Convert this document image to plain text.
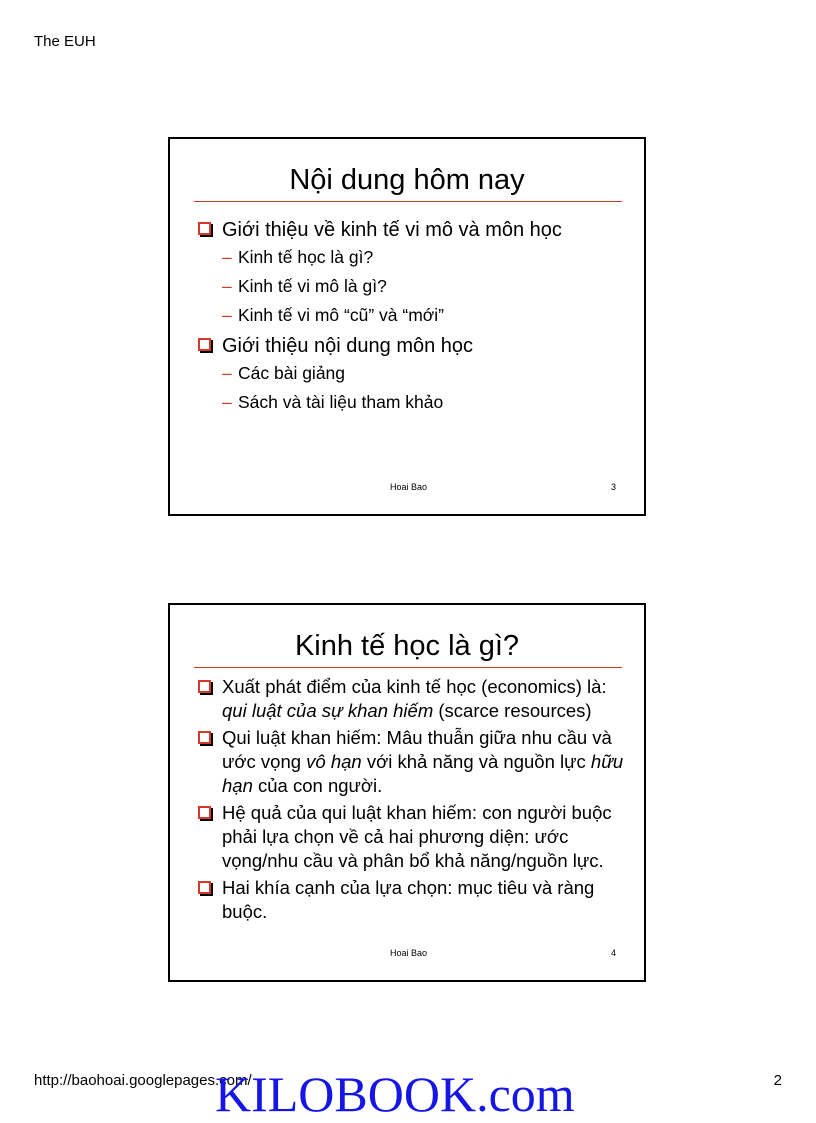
The EUH
Nội dung hôm nay
Giới thiệu về kinh tế vi mô và môn học
– Kinh tế học là gì?
– Kinh tế vi mô là gì?
– Kinh tế vi mô “cũ” và “mới”
Giới thiệu nội dung môn học
– Các bài giảng
– Sách và tài liệu tham khảo
Hoai Bao	3
Kinh tế học là gì?
Xuất phát điểm của kinh tế học (economics) là: qui luật của sự khan hiếm (scarce resources)
Qui luật khan hiếm: Mâu thuẫn giữa nhu cầu và ước vọng vô hạn với khả năng và nguồn lực hữu hạn của con người.
Hệ quả của qui luật khan hiếm: con người buộc phải lựa chọn về cả hai phương diện: ước vọng/nhu cầu và phân bổ khả năng/nguồn lực.
Hai khía cạnh của lựa chọn: mục tiêu và ràng buộc.
Hoai Bao	4
http://baohoai.googlepages.com/
KILOBOOK.com	2
